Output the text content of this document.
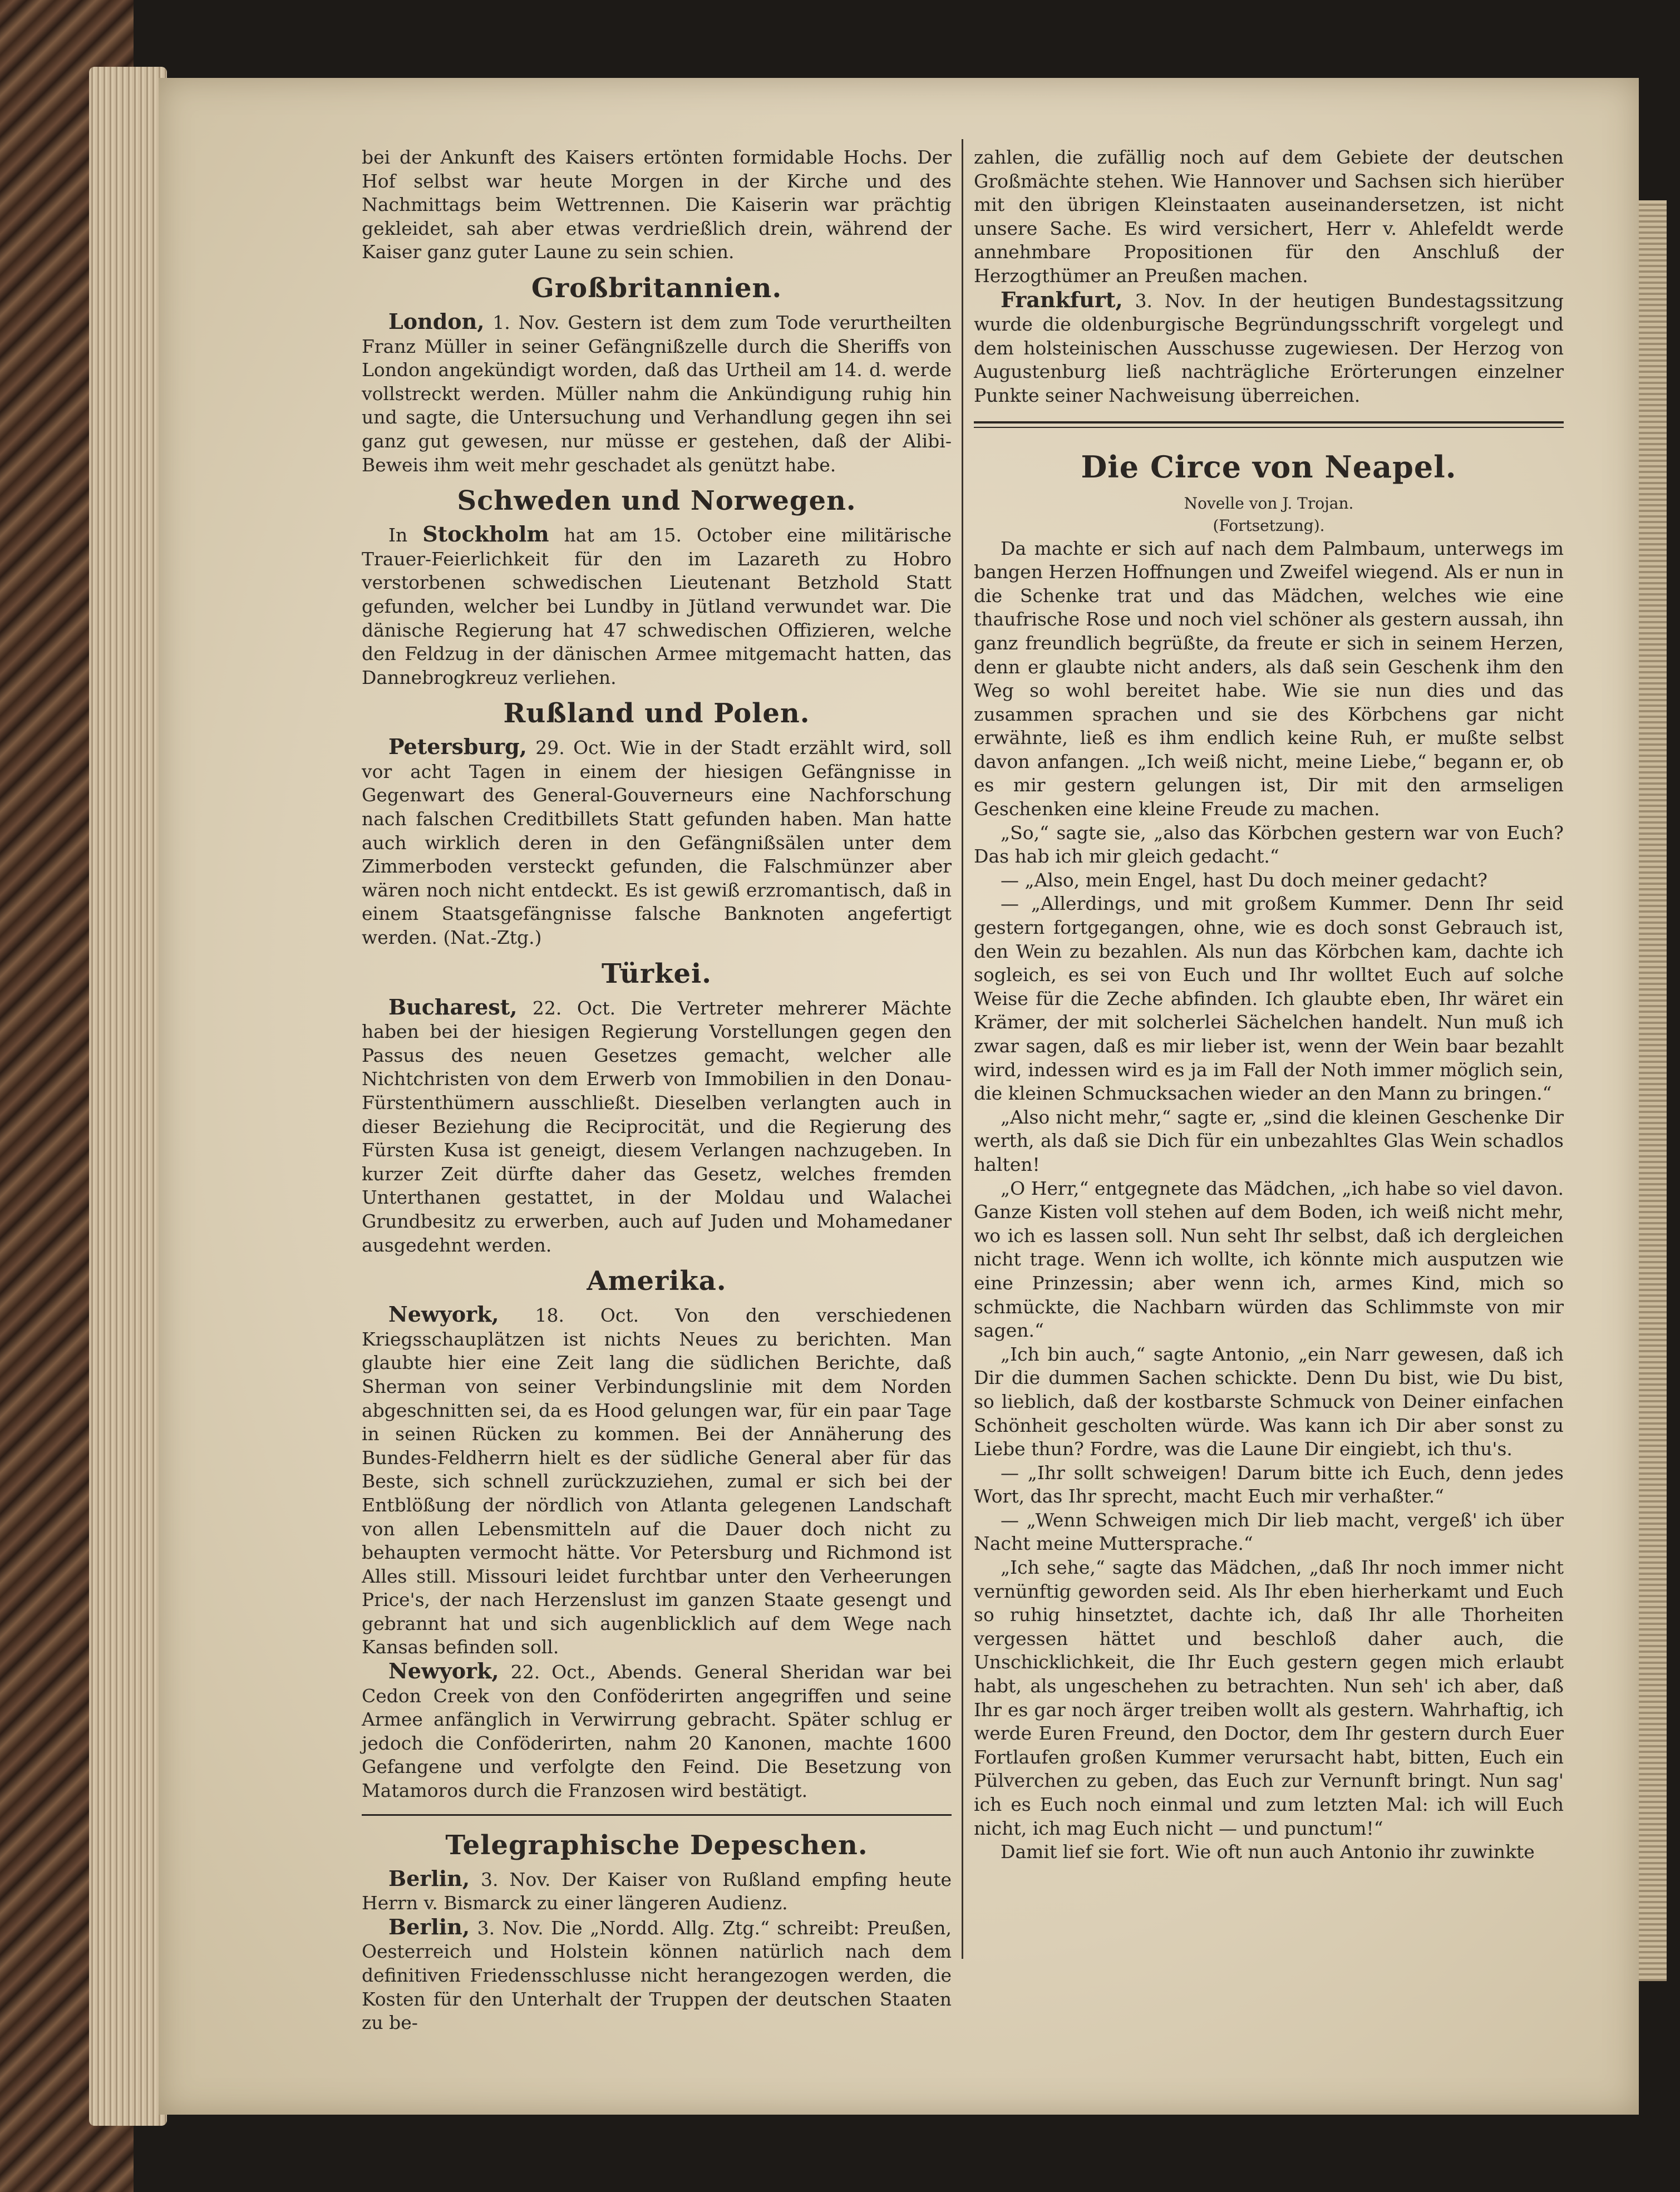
bei der Ankunft des Kaisers ertönten formidable Hochs. Der Hof selbst war heute Morgen in der Kirche und des Nachmittags beim Wettrennen. Die Kaiserin war prächtig gekleidet, sah aber etwas verdrießlich drein, während der Kaiser ganz guter Laune zu sein schien.

Großbritannien.

London, 1. Nov. Gestern ist dem zum Tode verurtheilten Franz Müller in seiner Gefängnißzelle durch die Sheriffs von London angekündigt worden, daß das Urtheil am 14. d. werde vollstreckt werden. Müller nahm die Ankündigung ruhig hin und sagte, die Untersuchung und Verhandlung gegen ihn sei ganz gut gewesen, nur müsse er gestehen, daß der Alibi-Beweis ihm weit mehr geschadet als genützt habe.

Schweden und Norwegen.

In Stockholm hat am 15. October eine militärische Trauer-Feierlichkeit für den im Lazareth zu Hobro verstorbenen schwedischen Lieutenant Betzhold Statt gefunden, welcher bei Lundby in Jütland verwundet war. Die dänische Regierung hat 47 schwedischen Offizieren, welche den Feldzug in der dänischen Armee mitgemacht hatten, das Dannebrogkreuz verliehen.

Rußland und Polen.

Petersburg, 29. Oct. Wie in der Stadt erzählt wird, soll vor acht Tagen in einem der hiesigen Gefängnisse in Gegenwart des General-Gouverneurs eine Nachforschung nach falschen Creditbillets Statt gefunden haben. Man hatte auch wirklich deren in den Gefängnißsälen unter dem Zimmerboden versteckt gefunden, die Falschmünzer aber wären noch nicht entdeckt. Es ist gewiß erzromantisch, daß in einem Staatsgefängnisse falsche Banknoten angefertigt werden. (Nat.-Ztg.)

Türkei.

Bucharest, 22. Oct. Die Vertreter mehrerer Mächte haben bei der hiesigen Regierung Vorstellungen gegen den Passus des neuen Gesetzes gemacht, welcher alle Nichtchristen von dem Erwerb von Immobilien in den Donau-Fürstenthümern ausschließt. Dieselben verlangten auch in dieser Beziehung die Reciprocität, und die Regierung des Fürsten Kusa ist geneigt, diesem Verlangen nachzugeben. In kurzer Zeit dürfte daher das Gesetz, welches fremden Unterthanen gestattet, in der Moldau und Walachei Grundbesitz zu erwerben, auch auf Juden und Mohamedaner ausgedehnt werden.

Amerika.

Newyork, 18. Oct. Von den verschiedenen Kriegsschauplätzen ist nichts Neues zu berichten. Man glaubte hier eine Zeit lang die südlichen Berichte, daß Sherman von seiner Verbindungslinie mit dem Norden abgeschnitten sei, da es Hood gelungen war, für ein paar Tage in seinen Rücken zu kommen. Bei der Annäherung des Bundes-Feldherrn hielt es der südliche General aber für das Beste, sich schnell zurückzuziehen, zumal er sich bei der Entblößung der nördlich von Atlanta gelegenen Landschaft von allen Lebensmitteln auf die Dauer doch nicht zu behaupten vermocht hätte. Vor Petersburg und Richmond ist Alles still. Missouri leidet furchtbar unter den Verheerungen Price's, der nach Herzenslust im ganzen Staate gesengt und gebrannt hat und sich augenblicklich auf dem Wege nach Kansas befinden soll.

Newyork, 22. Oct., Abends. General Sheridan war bei Cedon Creek von den Conföderirten angegriffen und seine Armee anfänglich in Verwirrung gebracht. Später schlug er jedoch die Conföderirten, nahm 20 Kanonen, machte 1600 Gefangene und verfolgte den Feind. Die Besetzung von Matamoros durch die Franzosen wird bestätigt.

Telegraphische Depeschen.

Berlin, 3. Nov. Der Kaiser von Rußland empfing heute Herrn v. Bismarck zu einer längeren Audienz.

Berlin, 3. Nov. Die „Nordd. Allg. Ztg.“ schreibt: Preußen, Oesterreich und Holstein können natürlich nach dem definitiven Friedensschlusse nicht herangezogen werden, die Kosten für den Unterhalt der Truppen der deutschen Staaten zu be-

zahlen, die zufällig noch auf dem Gebiete der deutschen Großmächte stehen. Wie Hannover und Sachsen sich hierüber mit den übrigen Kleinstaaten auseinandersetzen, ist nicht unsere Sache. Es wird versichert, Herr v. Ahlefeldt werde annehmbare Propositionen für den Anschluß der Herzogthümer an Preußen machen.

Frankfurt, 3. Nov. In der heutigen Bundestagssitzung wurde die oldenburgische Begründungsschrift vorgelegt und dem holsteinischen Ausschusse zugewiesen. Der Herzog von Augustenburg ließ nachträgliche Erörterungen einzelner Punkte seiner Nachweisung überreichen.

Die Circe von Neapel.
Novelle von J. Trojan.
(Fortsetzung).

Da machte er sich auf nach dem Palmbaum, unterwegs im bangen Herzen Hoffnungen und Zweifel wiegend. Als er nun in die Schenke trat und das Mädchen, welches wie eine thaufrische Rose und noch viel schöner als gestern aussah, ihn ganz freundlich begrüßte, da freute er sich in seinem Herzen, denn er glaubte nicht anders, als daß sein Geschenk ihm den Weg so wohl bereitet habe. Wie sie nun dies und das zusammen sprachen und sie des Körbchens gar nicht erwähnte, ließ es ihm endlich keine Ruh, er mußte selbst davon anfangen. „Ich weiß nicht, meine Liebe,“ begann er, ob es mir gestern gelungen ist, Dir mit den armseligen Geschenken eine kleine Freude zu machen.

„So,“ sagte sie, „also das Körbchen gestern war von Euch? Das hab ich mir gleich gedacht.“

— „Also, mein Engel, hast Du doch meiner gedacht?

— „Allerdings, und mit großem Kummer. Denn Ihr seid gestern fortgegangen, ohne, wie es doch sonst Gebrauch ist, den Wein zu bezahlen. Als nun das Körbchen kam, dachte ich sogleich, es sei von Euch und Ihr wolltet Euch auf solche Weise für die Zeche abfinden. Ich glaubte eben, Ihr wäret ein Krämer, der mit solcherlei Sächelchen handelt. Nun muß ich zwar sagen, daß es mir lieber ist, wenn der Wein baar bezahlt wird, indessen wird es ja im Fall der Noth immer möglich sein, die kleinen Schmucksachen wieder an den Mann zu bringen.“

„Also nicht mehr,“ sagte er, „sind die kleinen Geschenke Dir werth, als daß sie Dich für ein unbezahltes Glas Wein schadlos halten!

„O Herr,“ entgegnete das Mädchen, „ich habe so viel davon. Ganze Kisten voll stehen auf dem Boden, ich weiß nicht mehr, wo ich es lassen soll. Nun seht Ihr selbst, daß ich dergleichen nicht trage. Wenn ich wollte, ich könnte mich ausputzen wie eine Prinzessin; aber wenn ich, armes Kind, mich so schmückte, die Nachbarn würden das Schlimmste von mir sagen.“

„Ich bin auch,“ sagte Antonio, „ein Narr gewesen, daß ich Dir die dummen Sachen schickte. Denn Du bist, wie Du bist, so lieblich, daß der kostbarste Schmuck von Deiner einfachen Schönheit gescholten würde. Was kann ich Dir aber sonst zu Liebe thun? Fordre, was die Laune Dir eingiebt, ich thu's.

— „Ihr sollt schweigen! Darum bitte ich Euch, denn jedes Wort, das Ihr sprecht, macht Euch mir verhaßter.“

— „Wenn Schweigen mich Dir lieb macht, vergeß' ich über Nacht meine Muttersprache.“

„Ich sehe,“ sagte das Mädchen, „daß Ihr noch immer nicht vernünftig geworden seid. Als Ihr eben hierherkamt und Euch so ruhig hinsetztet, dachte ich, daß Ihr alle Thorheiten vergessen hättet und beschloß daher auch, die Unschicklichkeit, die Ihr Euch gestern gegen mich erlaubt habt, als ungeschehen zu betrachten. Nun seh' ich aber, daß Ihr es gar noch ärger treiben wollt als gestern. Wahrhaftig, ich werde Euren Freund, den Doctor, dem Ihr gestern durch Euer Fortlaufen großen Kummer verursacht habt, bitten, Euch ein Pülverchen zu geben, das Euch zur Vernunft bringt. Nun sag' ich es Euch noch einmal und zum letzten Mal: ich will Euch nicht, ich mag Euch nicht — und punctum!“

Damit lief sie fort. Wie oft nun auch Antonio ihr zuwinkte
